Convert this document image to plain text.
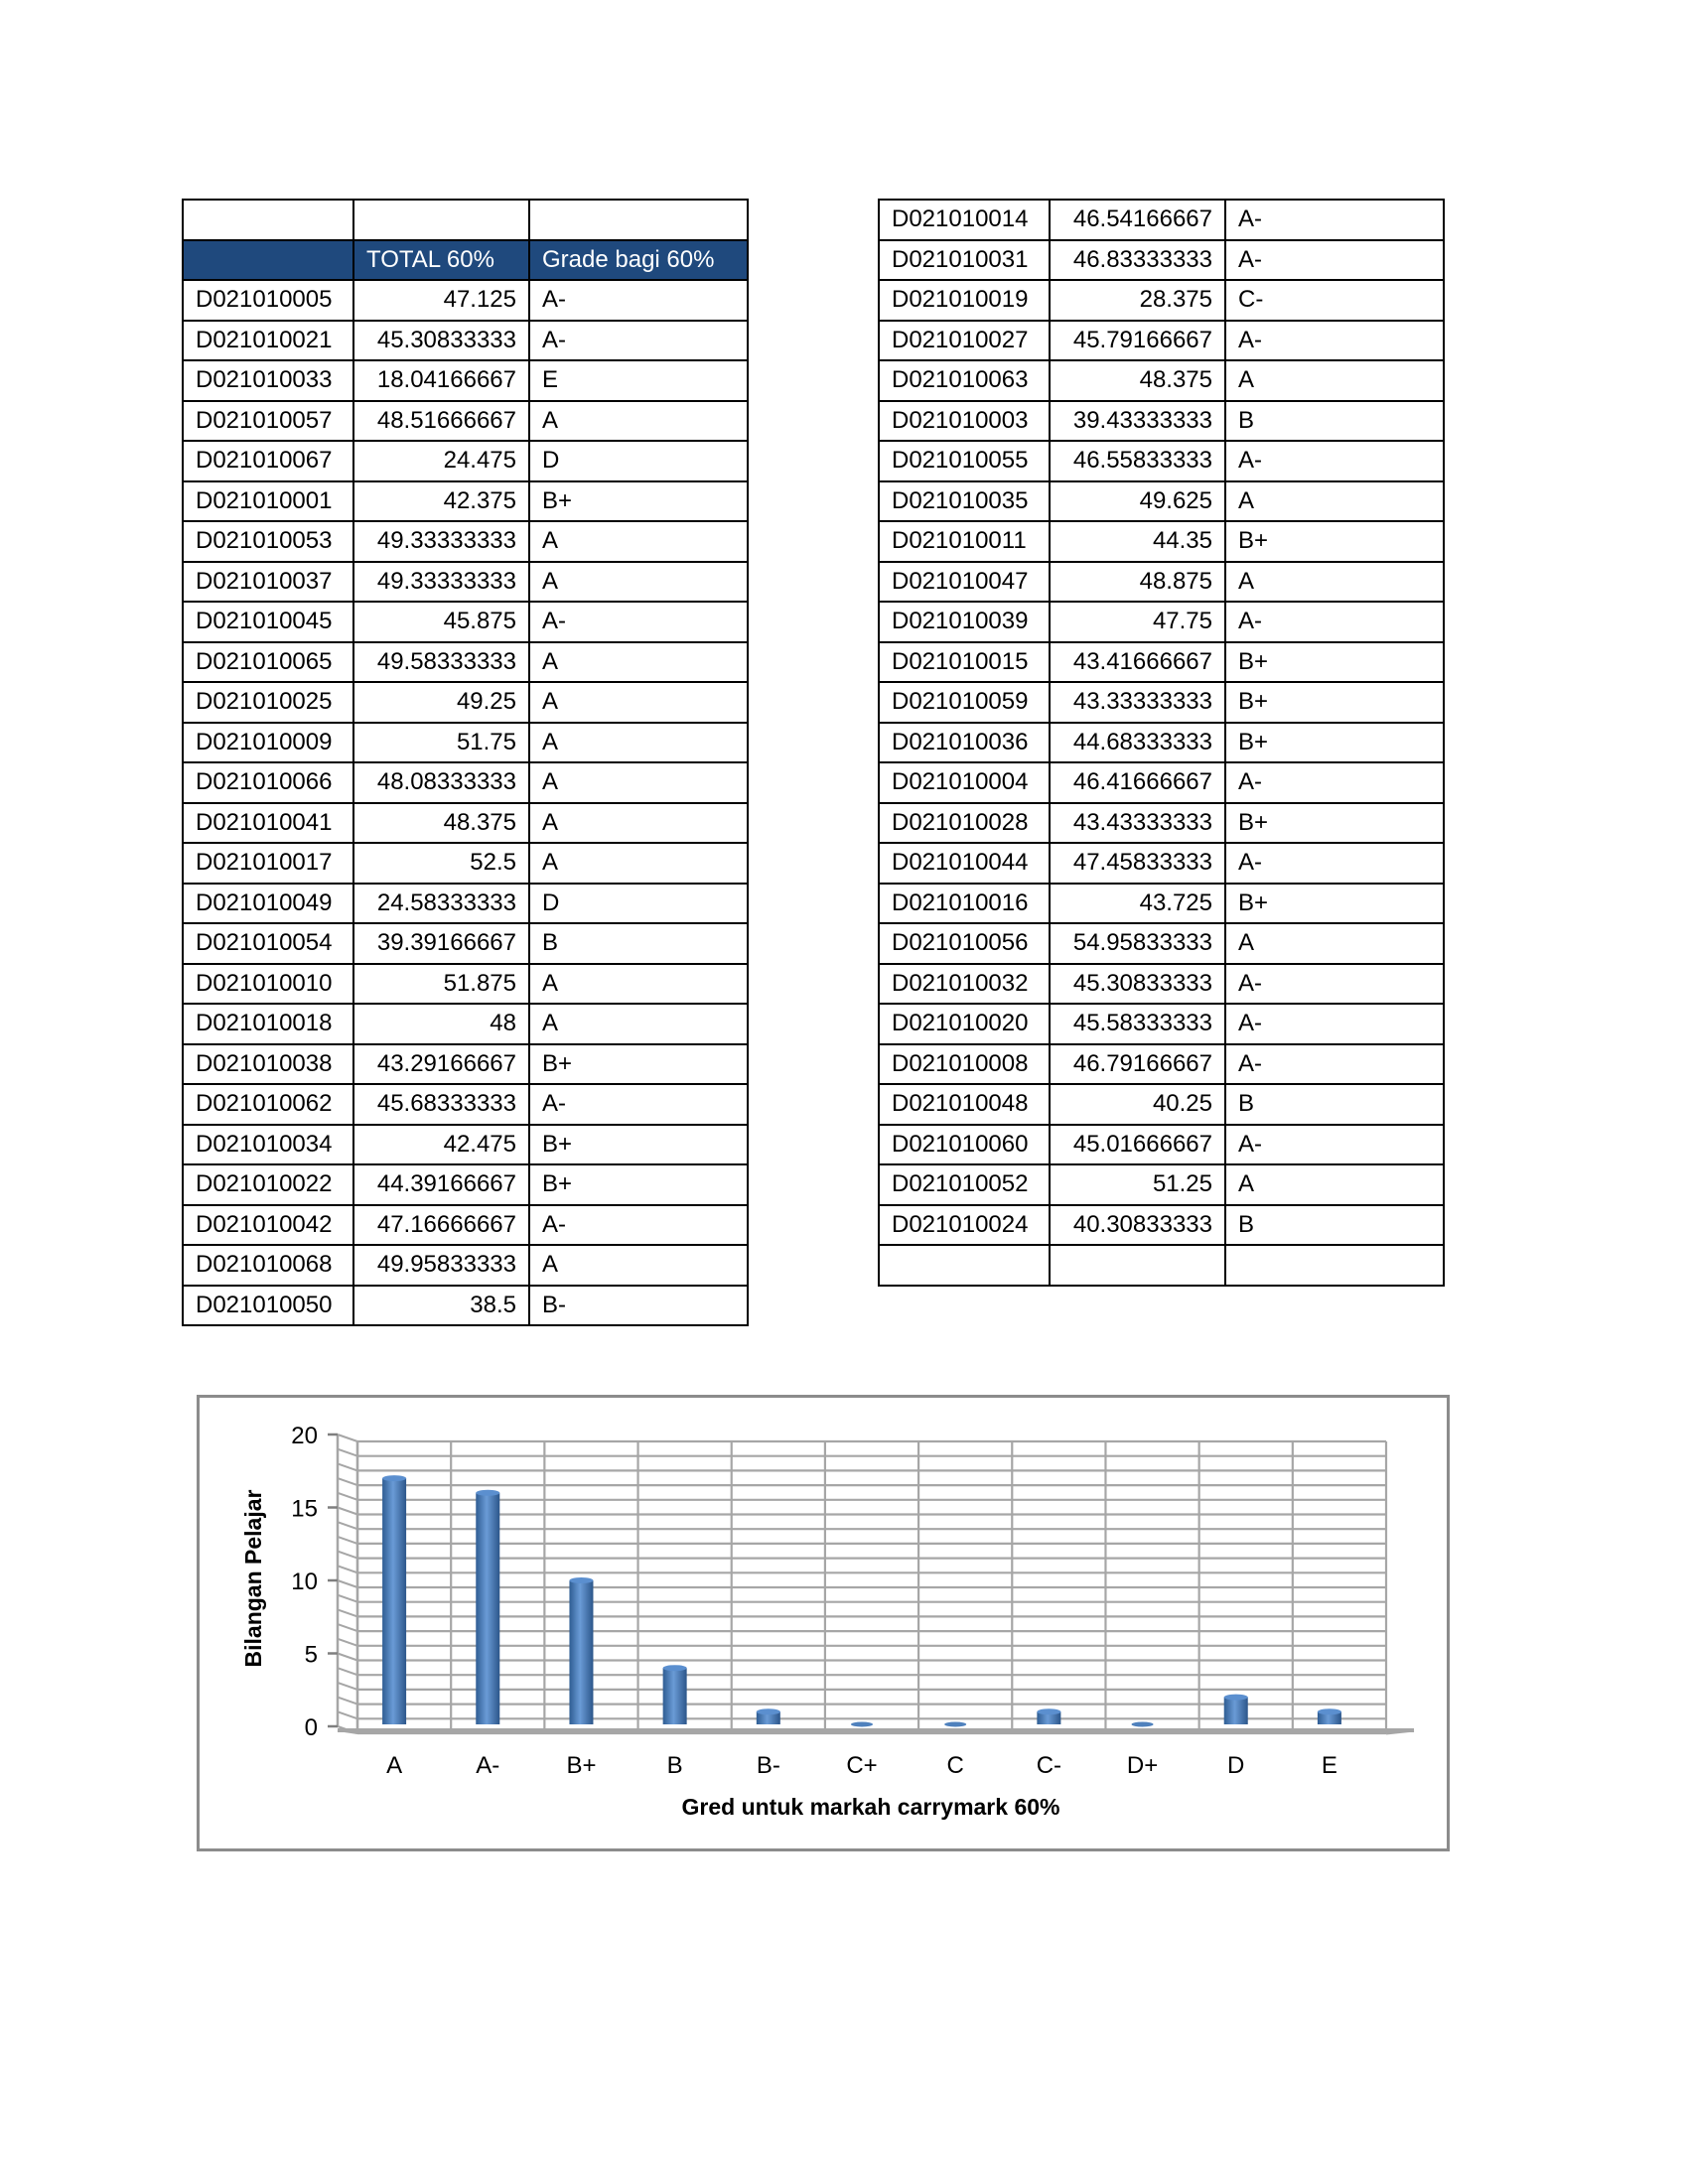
	TOTAL 60%	Grade bagi 60%
D021010005	47.125	A-
D021010021	45.30833333	A-
D021010033	18.04166667	E
D021010057	48.51666667	A
D021010067	24.475	D
D021010001	42.375	B+
D021010053	49.33333333	A
D021010037	49.33333333	A
D021010045	45.875	A-
D021010065	49.58333333	A
D021010025	49.25	A
D021010009	51.75	A
D021010066	48.08333333	A
D021010041	48.375	A
D021010017	52.5	A
D021010049	24.58333333	D
D021010054	39.39166667	B
D021010010	51.875	A
D021010018	48	A
D021010038	43.29166667	B+
D021010062	45.68333333	A-
D021010034	42.475	B+
D021010022	44.39166667	B+
D021010042	47.16666667	A-
D021010068	49.95833333	A
D021010050	38.5	B-
D021010014	46.54166667	A-
D021010031	46.83333333	A-
D021010019	28.375	C-
D021010027	45.79166667	A-
D021010063	48.375	A
D021010003	39.43333333	B
D021010055	46.55833333	A-
D021010035	49.625	A
D021010011	44.35	B+
D021010047	48.875	A
D021010039	47.75	A-
D021010015	43.41666667	B+
D021010059	43.33333333	B+
D021010036	44.68333333	B+
D021010004	46.41666667	A-
D021010028	43.43333333	B+
D021010044	47.45833333	A-
D021010016	43.725	B+
D021010056	54.95833333	A
D021010032	45.30833333	A-
D021010020	45.58333333	A-
D021010008	46.79166667	A-
D021010048	40.25	B
D021010060	45.01666667	A-
D021010052	51.25	A
D021010024	40.30833333	B

0
5
10
15
20
A	A-	B+	B	B-	C+	C	C-	D+	D	E
Bilangan Pelajar
Gred untuk markah carrymark 60%
